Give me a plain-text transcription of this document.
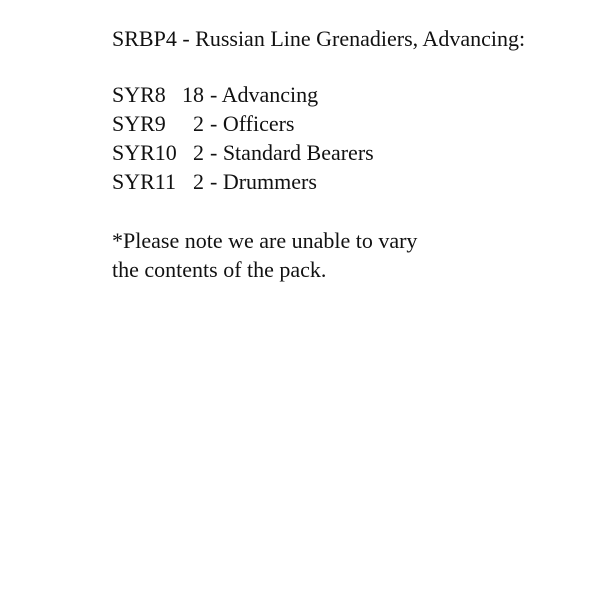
SRBP4 - Russian Line Grenadiers, Advancing:
SYR8 18 - Advancing
SYR9	2 - Officers
SYR10 2 - Standard Bearers
SYR11 2 - Drummers

*Please note we are unable to vary
the contents of the pack.
